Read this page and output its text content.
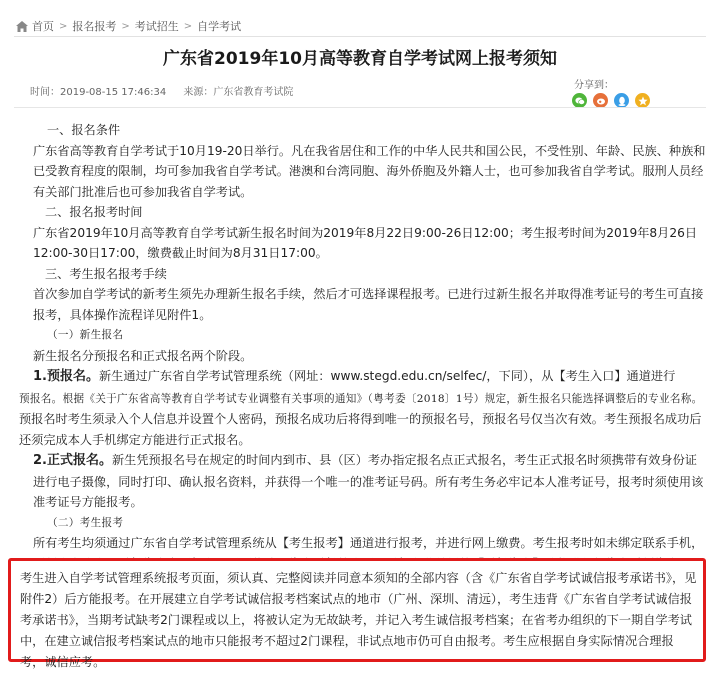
首页 > 报名报考 > 考试招生 > 自学考试
广东省2019年10月高等教育自学考试网上报考须知
时间：2019-08-15 17:46:34 来源：广东省教育考试院
分享到：

一、报名条件

广东省高等教育自学考试于10月19-20日举行。凡在我省居住和工作的中华人民共和国公民，不受性别、年龄、民族、种族和已受教育程度的限制，均可参加我省自学考试。港澳和台湾同胞、海外侨胞及外籍人士，也可参加我省自学考试。服刑人员经有关部门批准后也可参加我省自学考试。

二、报名报考时间

广东省2019年10月高等教育自学考试新生报名时间为2019年8月22日9:00-26日12:00；考生报考时间为2019年8月26日12:00-30日17:00，缴费截止时间为8月31日17:00。

三、考生报名报考手续

首次参加自学考试的新考生须先办理新生报名手续，然后才可选择课程报考。已进行过新生报名并取得准考证号的考生可直接报考，具体操作流程详见附件1。

（一）新生报名

新生报名分预报名和正式报名两个阶段。

1.预报名。新生通过广东省自学考试管理系统（网址：www.stegd.edu.cn/selfec/，下同），从【考生入口】通道进行

预报名。根据《关于广东省高等教育自学考试专业调整有关事项的通知》（粤考委〔2018〕1号）规定，新生报名只能选择调整后的专业名称。预报名时考生须录入个人信息并设置个人密码，预报名成功后将得到唯一的预报名号，预报名号仅当次有效。考生预报名成功后还须完成本人手机绑定方能进行正式报名。

2.正式报名。新生凭预报名号在规定的时间内到市、县（区）考办指定报名点正式报名，考生正式报名时须携带有效身份证进行电子摄像，同时打印、确认报名资料，并获得一个唯一的准考证号码。所有考生务必牢记本人准考证号，报考时须使用该准考证号方能报考。

（二）考生报考

所有考生均须通过广东省自学考试管理系统从【考生报考】通道进行报考，并进行网上缴费。考生报考时如未绑定联系手机，

考生进入自学考试管理系统报考页面，须认真、完整阅读并同意本须知的全部内容（含《广东省自学考试诚信报考承诺书》，见附件2）后方能报考。在开展建立自学考试诚信报考档案试点的地市（广州、深圳、清远），考生违背《广东省自学考试诚信报考承诺书》，当期考试缺考2门课程或以上，将被认定为无故缺考，并记入考生诚信报考档案；在省考办组织的下一期自学考试中，在建立诚信报考档案试点的地市只能报考不超过2门课程，非试点地市仍可自由报考。考生应根据自身实际情况合理报考，诚信应考。
